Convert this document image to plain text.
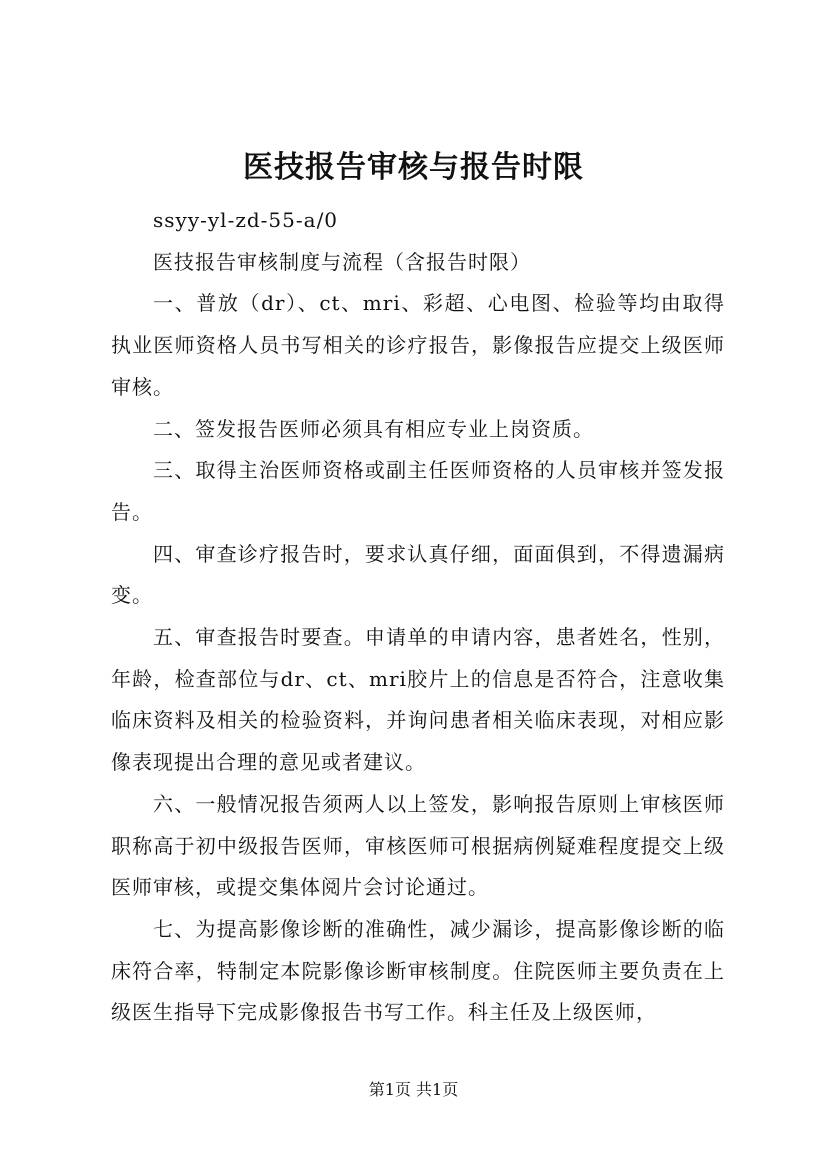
医技报告审核与报告时限

ssyy-yl-zd-55-a/0

医技报告审核制度与流程（含报告时限）

一、普放（dr）、ct、mri、彩超、心电图、检验等均由取得执业医师资格人员书写相关的诊疗报告，影像报告应提交上级医师审核。

二、签发报告医师必须具有相应专业上岗资质。

三、取得主治医师资格或副主任医师资格的人员审核并签发报告。

四、审查诊疗报告时，要求认真仔细，面面俱到，不得遗漏病变。

五、审查报告时要查。申请单的申请内容，患者姓名，性别，年龄，检查部位与dr、ct、mri胶片上的信息是否符合，注意收集临床资料及相关的检验资料，并询问患者相关临床表现，对相应影像表现提出合理的意见或者建议。

六、一般情况报告须两人以上签发，影响报告原则上审核医师职称高于初中级报告医师，审核医师可根据病例疑难程度提交上级医师审核，或提交集体阅片会讨论通过。

七、为提高影像诊断的准确性，减少漏诊，提高影像诊断的临床符合率，特制定本院影像诊断审核制度。住院医师主要负责在上级医生指导下完成影像报告书写工作。科主任及上级医师，

第1页 共1页
